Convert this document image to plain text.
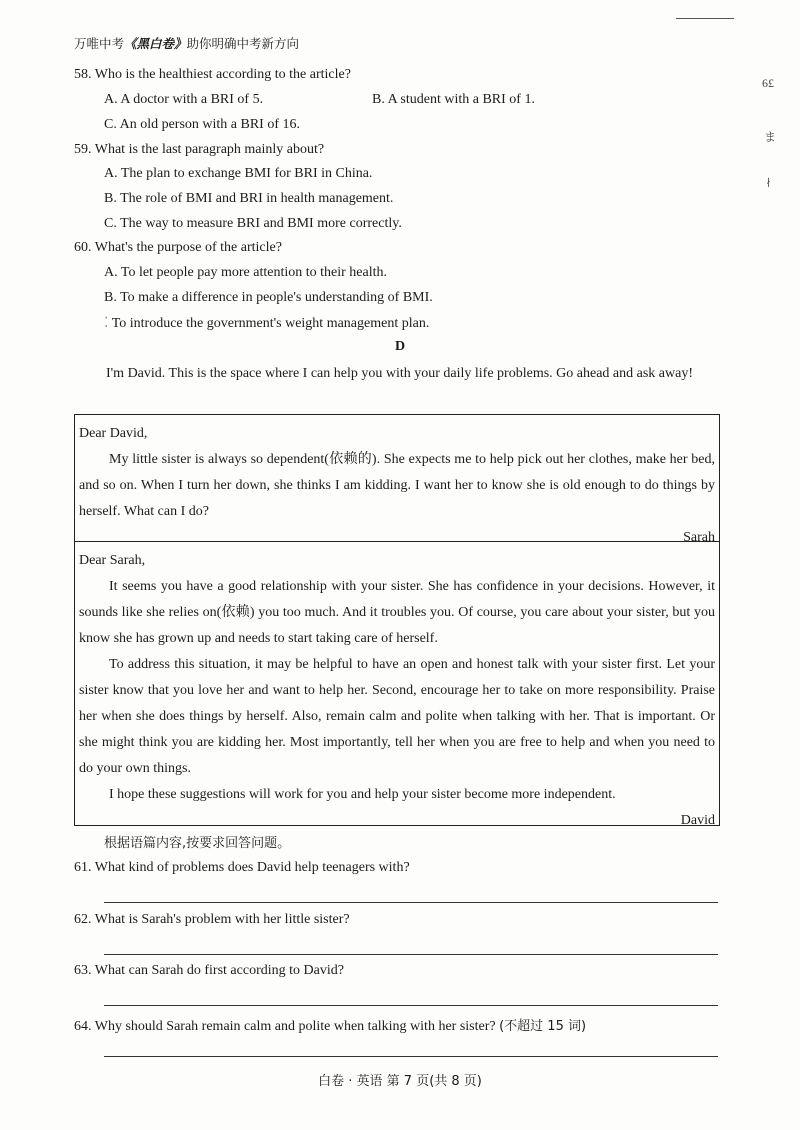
万唯中考《黑白卷》助你明确中考新方向
6£
ま
∤
58. Who is the healthiest according to the article?
A. A doctor with a BRI of 5.	B. A student with a BRI of 1.
C. An old person with a BRI of 16.
59. What is the last paragraph mainly about?
A. The plan to exchange BMI for BRI in China.
B. The role of BMI and BRI in health management.
C. The way to measure BRI and BMI more correctly.
60. What's the purpose of the article?
A. To let people pay more attention to their health.
B. To make a difference in people's understanding of BMI.
⁚ To introduce the government's weight management plan.
D

I'm David. This is the space where I can help you with your daily life problems. Go ahead and ask away!

Dear David,

My little sister is always so dependent(依赖的). She expects me to help pick out her clothes, make her bed, and so on. When I turn her down, she thinks I am kidding. I want her to know she is old enough to do things by herself. What can I do?

Sarah

Dear Sarah,

It seems you have a good relationship with your sister. She has confidence in your decisions. However, it sounds like she relies on(依赖) you too much. And it troubles you. Of course, you care about your sister, but you know she has grown up and needs to start taking care of herself.

To address this situation, it may be helpful to have an open and honest talk with your sister first. Let your sister know that you love her and want to help her. Second, encourage her to take on more responsibility. Praise her when she does things by herself. Also, remain calm and polite when talking with her. That is important. Or she might think you are kidding her. Most importantly, tell her when you are free to help and when you need to do your own things.

I hope these suggestions will work for you and help your sister become more independent.

David

根据语篇内容,按要求回答问题。
61. What kind of problems does David help teenagers with?
62. What is Sarah's problem with her little sister?
63. What can Sarah do first according to David?
64. Why should Sarah remain calm and polite when talking with her sister? (不超过 15 词)
白卷 · 英语 第 7 页(共 8 页)
